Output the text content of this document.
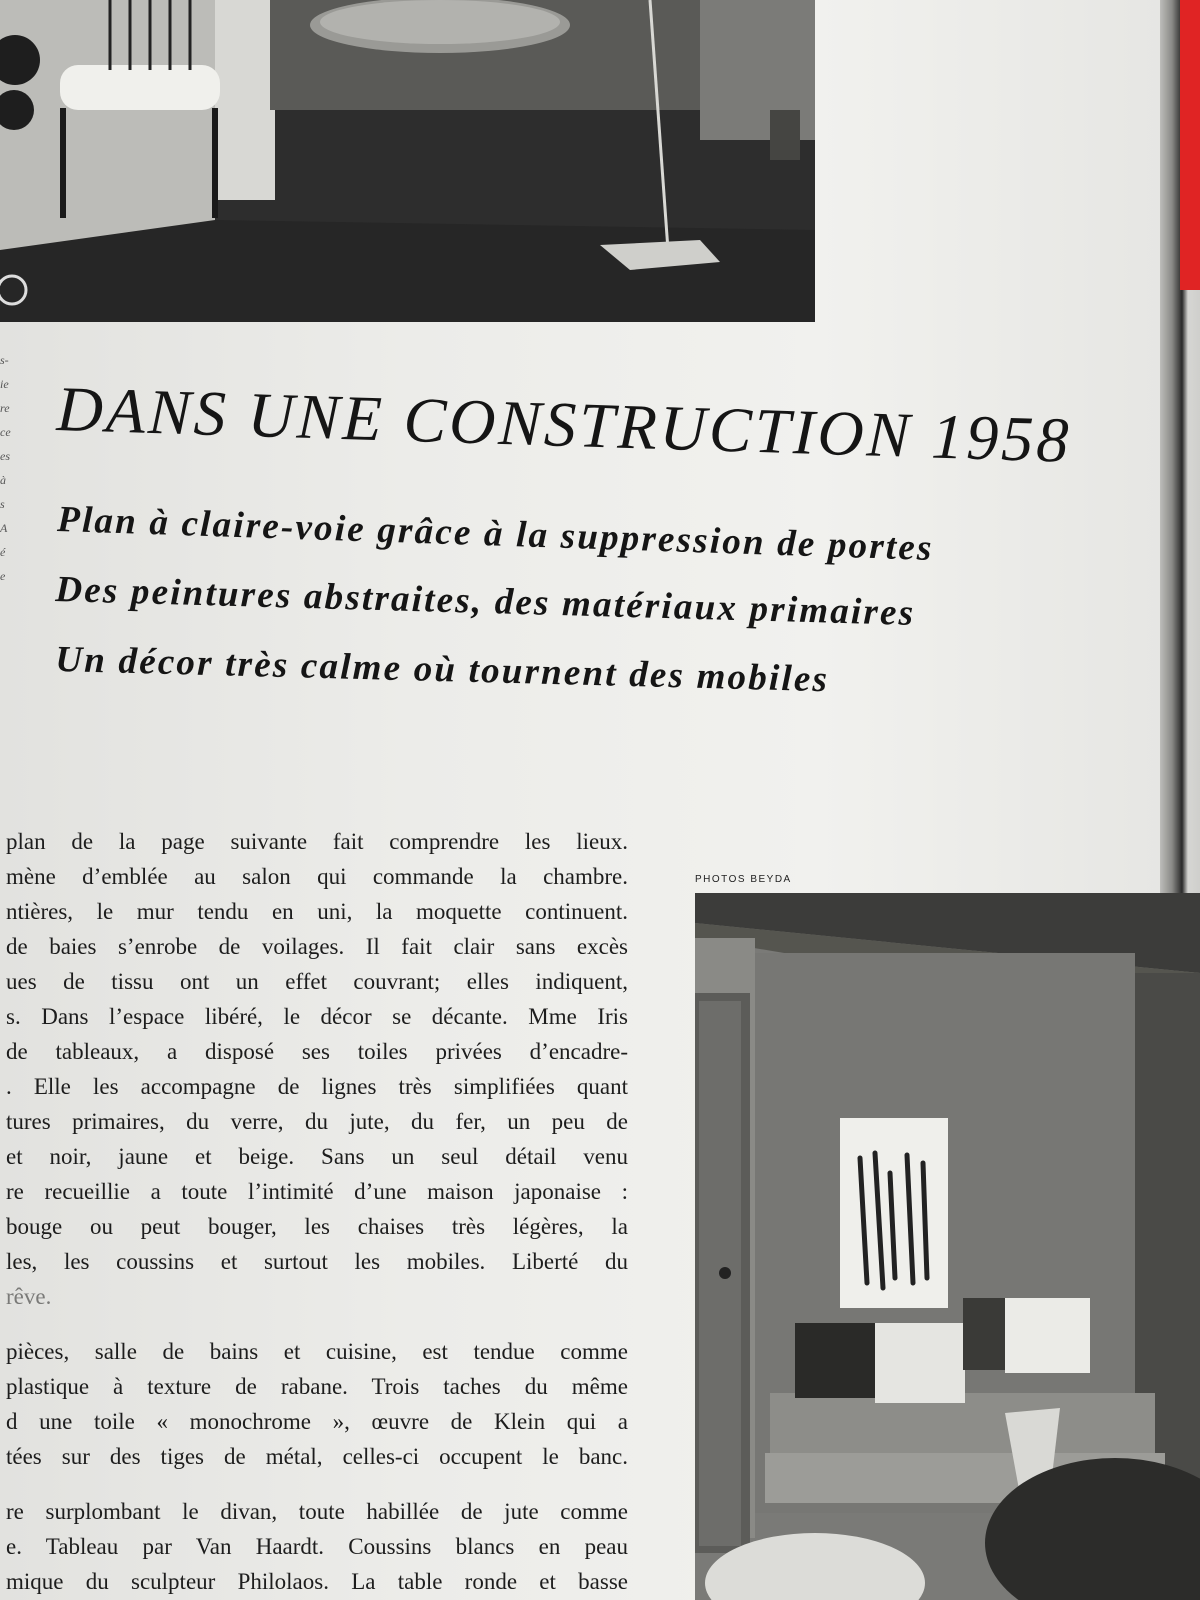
s-
ie
re
ce
es
à
s
A
é
e
DANS UNE CONSTRUCTION 1958
Plan à claire-voie grâce à la suppression de portes
Des peintures abstraites, des matériaux primaires
Un décor très calme où tournent des mobiles
PHOTOS BEYDA
plan de la page suivante fait comprendre les lieux.
mène d’emblée au salon qui commande la chambre.
ntières, le mur tendu en uni, la moquette continuent.
de baies s’enrobe de voilages. Il fait clair sans excès
ues de tissu ont un effet couvrant; elles indiquent,
s. Dans l’espace libéré, le décor se décante. Mme Iris
de tableaux, a disposé ses toiles privées d’encadre-
. Elle les accompagne de lignes très simplifiées quant
tures primaires, du verre, du jute, du fer, un peu de
et noir, jaune et beige. Sans un seul détail venu
re recueillie a toute l’intimité d’une maison japonaise :
bouge ou peut bouger, les chaises très légères, la
les, les coussins et surtout les mobiles. Liberté du
rêve.
pièces, salle de bains et cuisine, est tendue comme
plastique à texture de rabane. Trois taches du même
d une toile « monochrome », œuvre de Klein qui a
tées sur des tiges de métal, celles-ci occupent le banc.
re surplombant le divan, toute habillée de jute comme
e. Tableau par Van Haardt. Coussins blancs en peau
mique du sculpteur Philolaos. La table ronde et basse
